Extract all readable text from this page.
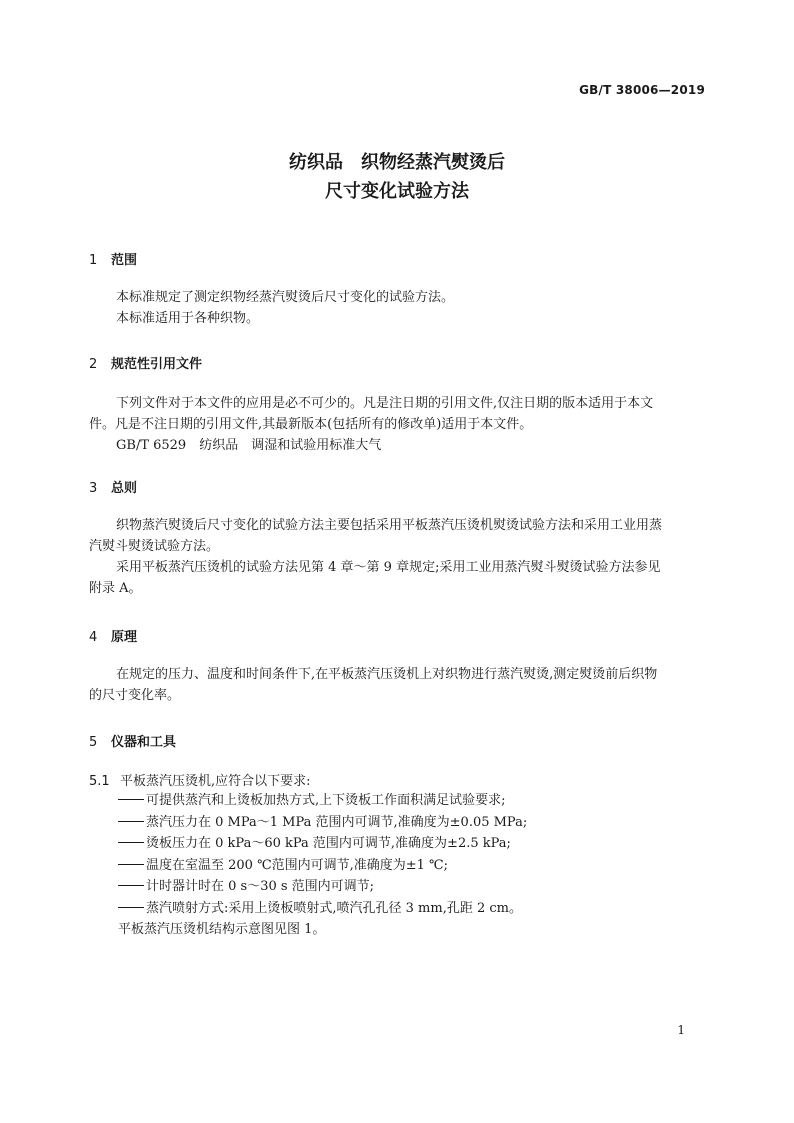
GB/T 38006—2019
纺织品　织物经蒸汽熨烫后
尺寸变化试验方法
1 范围
本标准规定了测定织物经蒸汽熨烫后尺寸变化的试验方法。
本标准适用于各种织物。
2 规范性引用文件
下列文件对于本文件的应用是必不可少的。凡是注日期的引用文件,仅注日期的版本适用于本文
件。凡是不注日期的引用文件,其最新版本(包括所有的修改单)适用于本文件。
GB/T 6529　纺织品　调湿和试验用标准大气
3 总则
织物蒸汽熨烫后尺寸变化的试验方法主要包括采用平板蒸汽压烫机熨烫试验方法和采用工业用蒸
汽熨斗熨烫试验方法。
采用平板蒸汽压烫机的试验方法见第 4 章～第 9 章规定;采用工业用蒸汽熨斗熨烫试验方法参见
附录 A。
4 原理
在规定的压力、温度和时间条件下,在平板蒸汽压烫机上对织物进行蒸汽熨烫,测定熨烫前后织物
的尺寸变化率。
5 仪器和工具
5.1 平板蒸汽压烫机,应符合以下要求:
可提供蒸汽和上烫板加热方式,上下烫板工作面积满足试验要求;
蒸汽压力在 0 MPa～1 MPa 范围内可调节,准确度为±0.05 MPa;
烫板压力在 0 kPa～60 kPa 范围内可调节,准确度为±2.5 kPa;
温度在室温至 200 ℃范围内可调节,准确度为±1 ℃;
计时器计时在 0 s～30 s 范围内可调节;
蒸汽喷射方式:采用上烫板喷射式,喷汽孔孔径 3 mm,孔距 2 cm。
平板蒸汽压烫机结构示意图见图 1。
1
